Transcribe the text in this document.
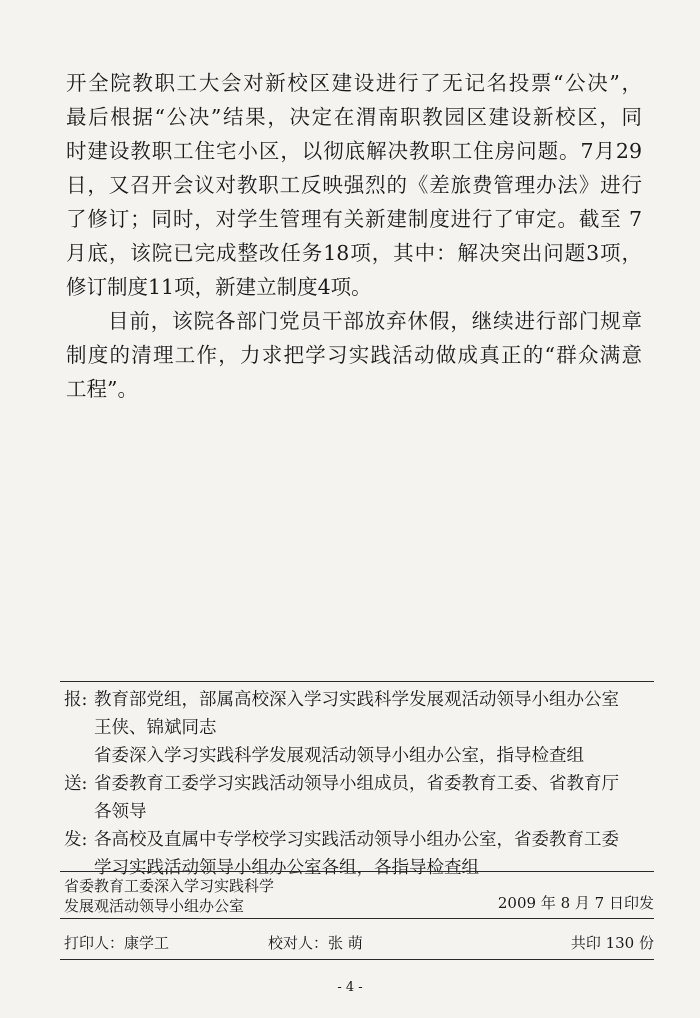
开全院教职工大会对新校区建设进行了无记名投票“公决”，
最后根据“公决”结果，决定在渭南职教园区建设新校区，同
时建设教职工住宅小区，以彻底解决教职工住房问题。7月29
日，又召开会议对教职工反映强烈的《差旅费管理办法》进行
了修订；同时，对学生管理有关新建制度进行了审定。截至 7
月底，该院已完成整改任务18项，其中：解决突出问题3项，
修订制度11项，新建立制度4项。
目前，该院各部门党员干部放弃休假，继续进行部门规章
制度的清理工作，力求把学习实践活动做成真正的“群众满意
工程”。
报: 教育部党组，部属高校深入学习实践科学发展观活动领导小组办公室
王侠、锦斌同志
省委深入学习实践科学发展观活动领导小组办公室，指导检查组
送: 省委教育工委学习实践活动领导小组成员，省委教育工委、省教育厅
各领导
发: 各高校及直属中专学校学习实践活动领导小组办公室，省委教育工委
学习实践活动领导小组办公室各组，各指导检查组
省委教育工委深入学习实践科学
发展观活动领导小组办公室	2009 年 8 月 7 日印发
打印人：康学工	校对人：张 萌	共印 130 份
- 4 -
